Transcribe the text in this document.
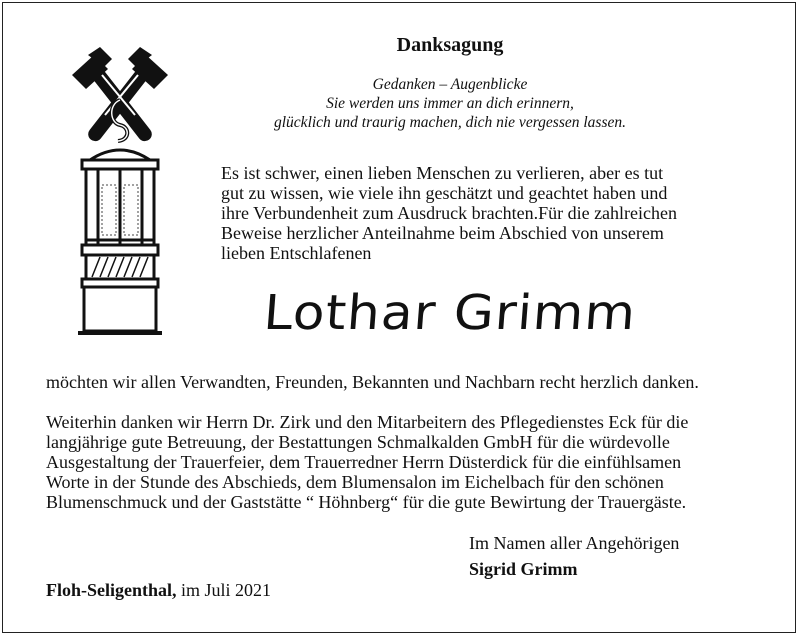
Danksagung
Gedanken – Augenblicke
Sie werden uns immer an dich erinnern,
glücklich und traurig machen, dich nie vergessen lassen.
Es ist schwer, einen lieben Menschen zu verlieren, aber es tut
gut zu wissen, wie viele ihn geschätzt und geachtet haben und
ihre Verbundenheit zum Ausdruck brachten.Für die zahlreichen
Beweise herzlicher Anteilnahme beim Abschied von unserem
lieben Entschlafenen
Lothar Grimm
möchten wir allen Verwandten, Freunden, Bekannten und Nachbarn recht herzlich danken.
Weiterhin danken wir Herrn Dr. Zirk und den Mitarbeitern des Pflegedienstes Eck für die
langjährige gute Betreuung, der Bestattungen Schmalkalden GmbH für die würdevolle
Ausgestaltung der Trauerfeier, dem Trauerredner Herrn Düsterdick für die einfühlsamen
Worte in der Stunde des Abschieds, dem Blumensalon im Eichelbach für den schönen
Blumenschmuck und der Gaststätte “ Höhnberg“ für die gute Bewirtung der Trauergäste.
Im Namen aller Angehörigen
Sigrid Grimm
Floh-Seligenthal, im Juli 2021
